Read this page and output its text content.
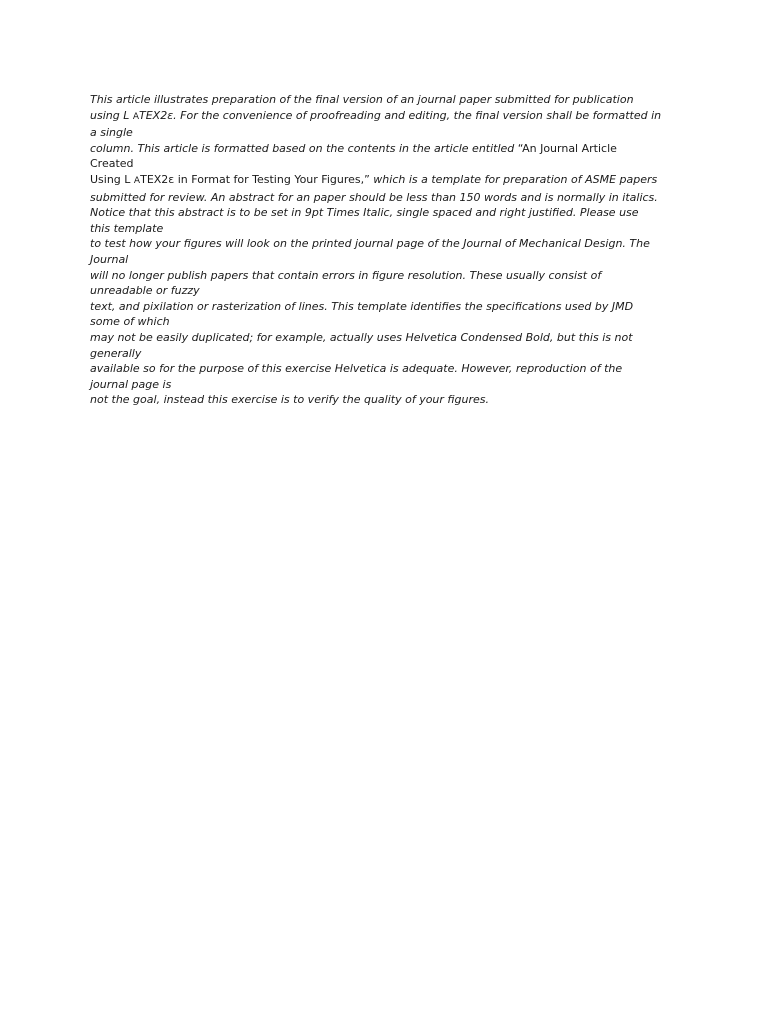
This article illustrates preparation of the final version of an journal paper submitted for publication
using L ATEX2ε. For the convenience of proofreading and editing, the final version shall be formatted in
a single
column. This article is formatted based on the contents in the article entitled “An Journal Article
Created
Using L ATEX2ε in Format for Testing Your Figures,” which is a template for preparation of ASME papers
submitted for review. An abstract for an paper should be less than 150 words and is normally in italics.
Notice that this abstract is to be set in 9pt Times Italic, single spaced and right justified. Please use
this template
to test how your figures will look on the printed journal page of the Journal of Mechanical Design. The
Journal
will no longer publish papers that contain errors in figure resolution. These usually consist of
unreadable or fuzzy
text, and pixilation or rasterization of lines. This template identifies the specifications used by JMD
some of which
may not be easily duplicated; for example, actually uses Helvetica Condensed Bold, but this is not
generally
available so for the purpose of this exercise Helvetica is adequate. However, reproduction of the
journal page is
not the goal, instead this exercise is to verify the quality of your figures.
